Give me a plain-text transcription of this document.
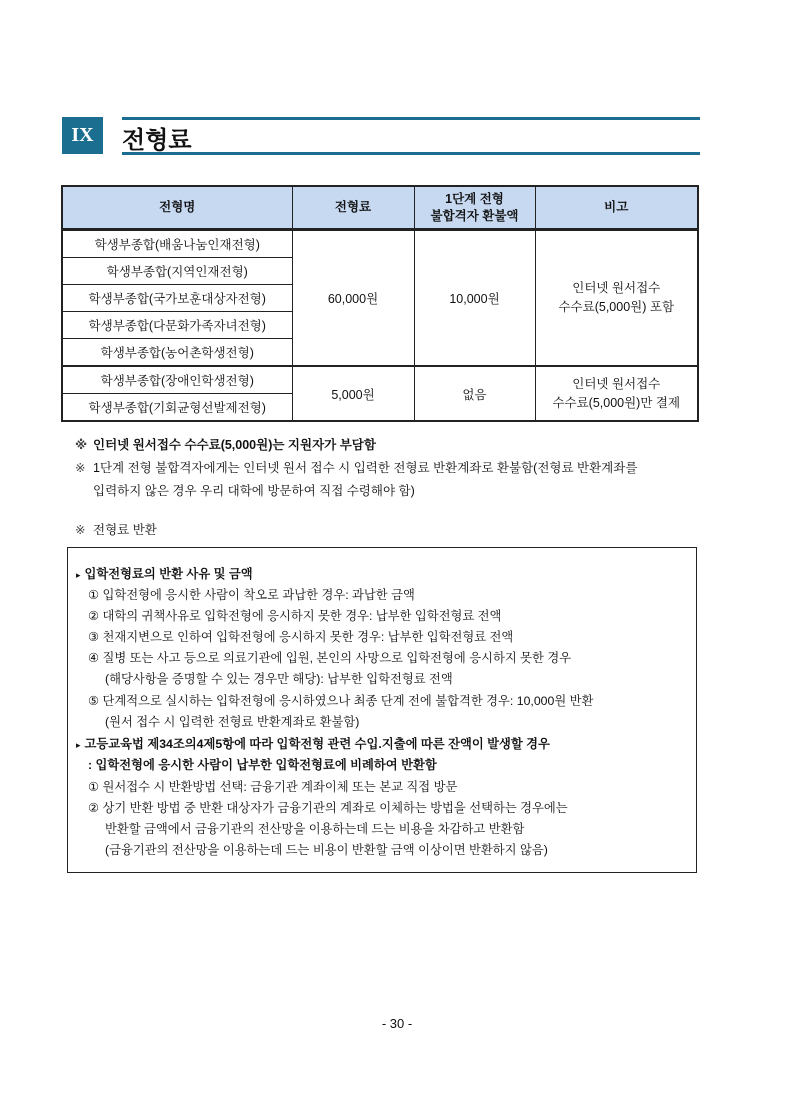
IX	전형료
전형명	전형료	1단계 전형
불합격자 환불액	비고
학생부종합(배움나눔인재전형)	60,000원	10,000원	인터넷 원서접수
수수료(5,000원) 포함
학생부종합(지역인재전형)			
학생부종합(국가보훈대상자전형)			
학생부종합(다문화가족자녀전형)			
학생부종합(농어촌학생전형)			
학생부종합(장애인학생전형)	5,000원	없음	인터넷 원서접수
수수료(5,000원)만 결제
학생부종합(기회균형선발제전형)			
※ 인터넷 원서접수 수수료(5,000원)는 지원자가 부담함
※ 1단계 전형 불합격자에게는 인터넷 원서 접수 시 입력한 전형료 반환계좌로 환불함(전형료 반환계좌를
입력하지 않은 경우 우리 대학에 방문하여 직접 수령해야 함)
※ 전형료 반환
▸ 입학전형료의 반환 사유 및 금액
① 입학전형에 응시한 사람이 착오로 과납한 경우: 과납한 금액
② 대학의 귀책사유로 입학전형에 응시하지 못한 경우: 납부한 입학전형료 전액
③ 천재지변으로 인하여 입학전형에 응시하지 못한 경우: 납부한 입학전형료 전액
④ 질병 또는 사고 등으로 의료기관에 입원, 본인의 사망으로 입학전형에 응시하지 못한 경우
(해당사항을 증명할 수 있는 경우만 해당): 납부한 입학전형료 전액
⑤ 단계적으로 실시하는 입학전형에 응시하였으나 최종 단계 전에 불합격한 경우: 10,000원 반환
(원서 접수 시 입력한 전형료 반환계좌로 환불함)
▸ 고등교육법 제34조의4제5항에 따라 입학전형 관련 수입.지출에 따른 잔액이 발생할 경우
: 입학전형에 응시한 사람이 납부한 입학전형료에 비례하여 반환함
① 원서접수 시 반환방법 선택: 금융기관 계좌이체 또는 본교 직접 방문
② 상기 반환 방법 중 반환 대상자가 금융기관의 계좌로 이체하는 방법을 선택하는 경우에는
반환할 금액에서 금융기관의 전산망을 이용하는데 드는 비용을 차감하고 반환함
(금융기관의 전산망을 이용하는데 드는 비용이 반환할 금액 이상이면 반환하지 않음)
- 30 -
